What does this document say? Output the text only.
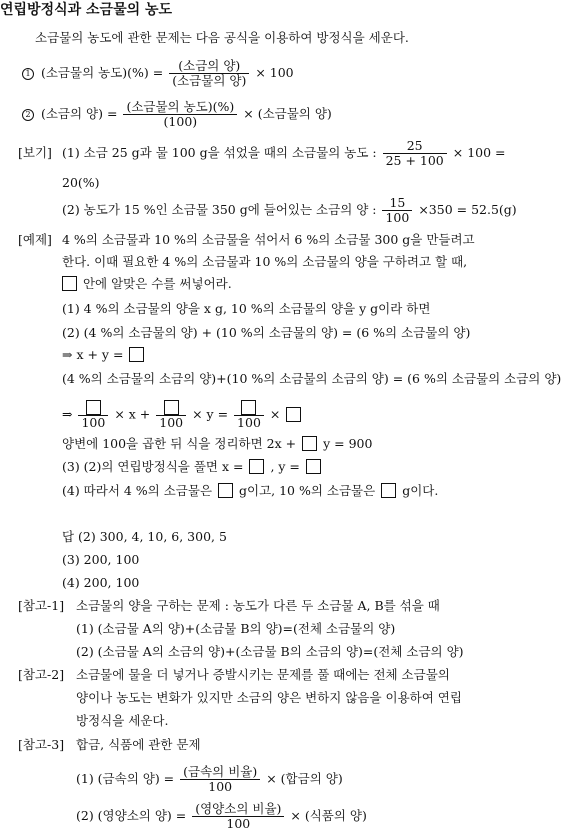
연립방정식과 소금물의 농도
소금물의 농도에 관한 문제는 다음 공식을 이용하여 방정식을 세운다.
1 (소금물의 농도)(%) = $\frac{\text{(소금의 양)}}{\text{(소금물의 양)}} \times 100$
2 (소금의 양) = $\frac{\text{(소금물의 농도)(\%)}}{(100)}$ × (소금물의 양)
[보기] (1) 소금 25 g과 물 100 g을 섞었을 때의 소금물의 농도 : $\frac{25}{25 + 100} \times 100$ =
20(%)
(2) 농도가 15 %인 소금물 350 g에 들어있는 소금의 양 : $\frac{15}{100} \times 350 = 52.5(g)$
[예제] 4 %의 소금물과 10 %의 소금물을 섞어서 6 %의 소금물 300 g을 만들려고
한다. 이때 필요한 4 %의 소금물과 10 %의 소금물의 양을 구하려고 할 때,
안에 알맞은 수를 써넣어라.
(1) 4 %의 소금물의 양을 x g, 10 %의 소금물의 양을 y g이라 하면
(2) (4 %의 소금물의 양) + (10 %의 소금물의 양) = (6 %의 소금물의 양)
⇒ x + y =
(4 %의 소금물의 소금의 양)+(10 %의 소금물의 소금의 양) = (6 %의 소금물의 소금의 양)
⇒
100
× x +
100
× y =
100
×
양변에 100을 곱한 뒤 식을 정리하면 2x + y = 900
(3) (2)의 연립방정식을 풀면 x = , y =
(4) 따라서 4 %의 소금물은 g이고, 10 %의 소금물은 g이다.
답 (2) 300, 4, 10, 6, 300, 5
(3) 200, 100
(4) 200, 100
[참고-1] 소금물의 양을 구하는 문제 : 농도가 다른 두 소금물 A, B를 섞을 때
(1) (소금물 A의 양)+(소금물 B의 양)=(전체 소금물의 양)
(2) (소금물 A의 소금의 양)+(소금물 B의 소금의 양)=(전체 소금의 양)
[참고-2] 소금물에 물을 더 넣거나 증발시키는 문제를 풀 때에는 전체 소금물의
양이나 농도는 변화가 있지만 소금의 양은 변하지 않음을 이용하여 연립
방정식을 세운다.
[참고-3] 합금, 식품에 관한 문제
(1) (금속의 양) = $\frac{\text{(금속의 비율)}}{100}$ × (합금의 양)
(2) (영양소의 양) = $\frac{\text{(영양소의 비율)}}{100}$ × (식품의 양)
